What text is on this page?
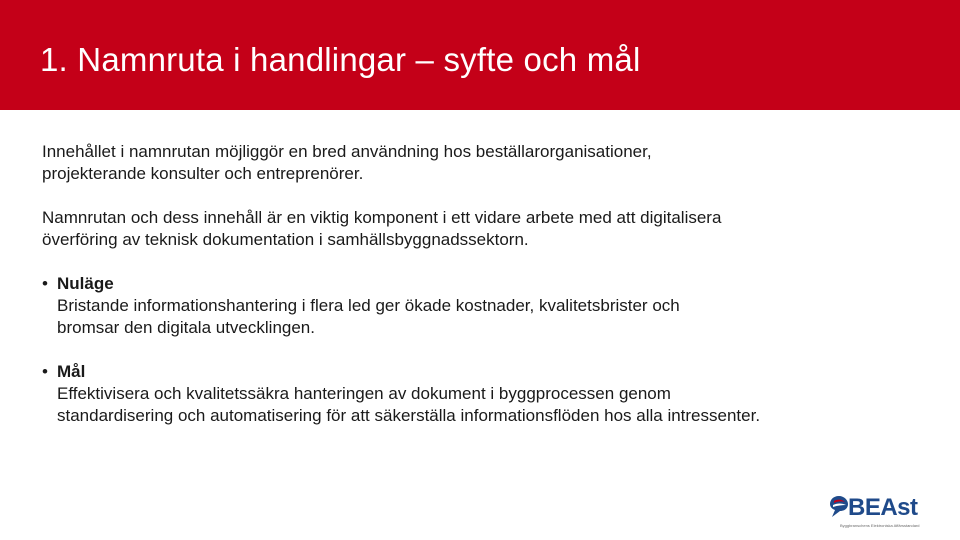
1. Namnruta i handlingar – syfte och mål

Innehållet i namnrutan möjliggör en bred användning hos beställarorganisationer,
projekterande konsulter och entreprenörer.

Namnrutan och dess innehåll är en viktig komponent i ett vidare arbete med att digitalisera
överföring av teknisk dokumentation i samhällsbyggnadssektorn.

• Nuläge
Bristande informationshantering i flera led ger ökade kostnader, kvalitetsbrister och
bromsar den digitala utvecklingen.
• Mål
Effektivisera och kvalitetssäkra hanteringen av dokument i byggprocessen genom
standardisering och automatisering för att säkerställa informationsflöden hos alla intressenter.
BEAst
Byggbranschens Elektroniska Affärsstandard
